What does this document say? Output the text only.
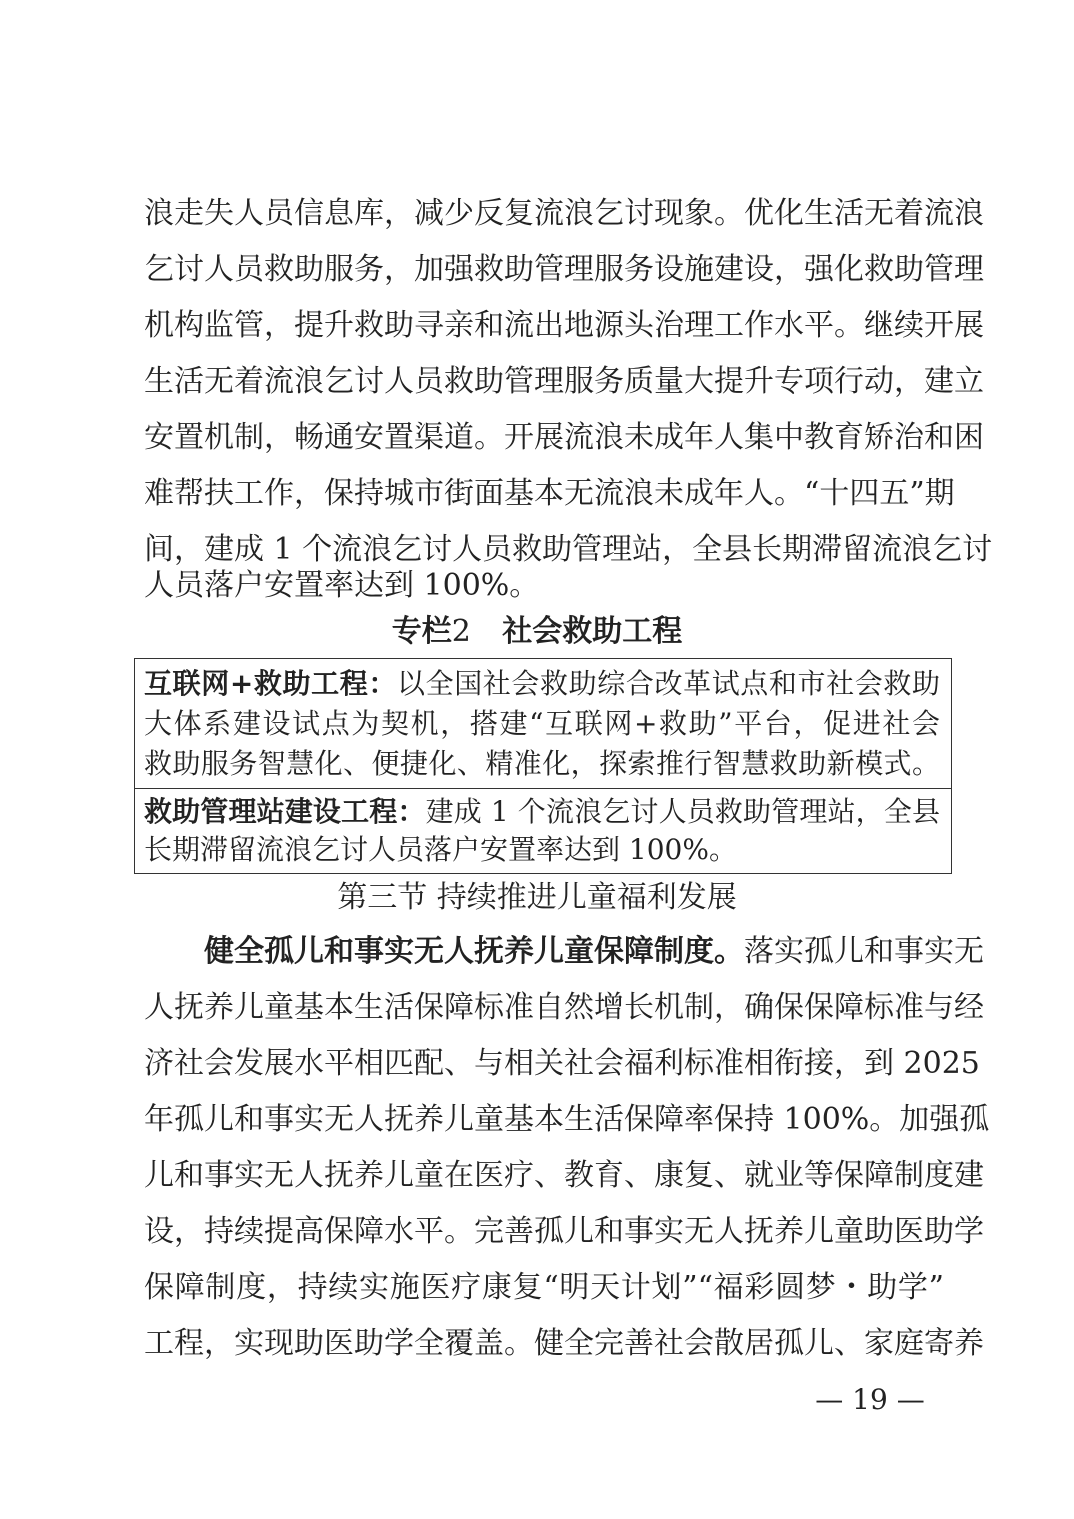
浪走失人员信息库，减少反复流浪乞讨现象。优化生活无着流浪
乞讨人员救助服务，加强救助管理服务设施建设，强化救助管理
机构监管，提升救助寻亲和流出地源头治理工作水平。继续开展
生活无着流浪乞讨人员救助管理服务质量大提升专项行动，建立
安置机制，畅通安置渠道。开展流浪未成年人集中教育矫治和困
难帮扶工作，保持城市街面基本无流浪未成年人。“十四五”期
间，建成 1 个流浪乞讨人员救助管理站，全县长期滞留流浪乞讨
人员落户安置率达到 100%。
专栏2 社会救助工程
互联网+救助工程：以全国社会救助综合改革试点和市社会救助
大体系建设试点为契机，搭建“互联网+救助”平台，促进社会
救助服务智慧化、便捷化、精准化，探索推行智慧救助新模式。
救助管理站建设工程：建成 1 个流浪乞讨人员救助管理站，全县
长期滞留流浪乞讨人员落户安置率达到 100%。
第三节 持续推进儿童福利发展
健全孤儿和事实无人抚养儿童保障制度。落实孤儿和事实无
人抚养儿童基本生活保障标准自然增长机制，确保保障标准与经
济社会发展水平相匹配、与相关社会福利标准相衔接，到 2025
年孤儿和事实无人抚养儿童基本生活保障率保持 100%。加强孤
儿和事实无人抚养儿童在医疗、教育、康复、就业等保障制度建
设，持续提高保障水平。完善孤儿和事实无人抚养儿童助医助学
保障制度，持续实施医疗康复“明天计划”“福彩圆梦・助学”
工程，实现助医助学全覆盖。健全完善社会散居孤儿、家庭寄养
— 19 —
